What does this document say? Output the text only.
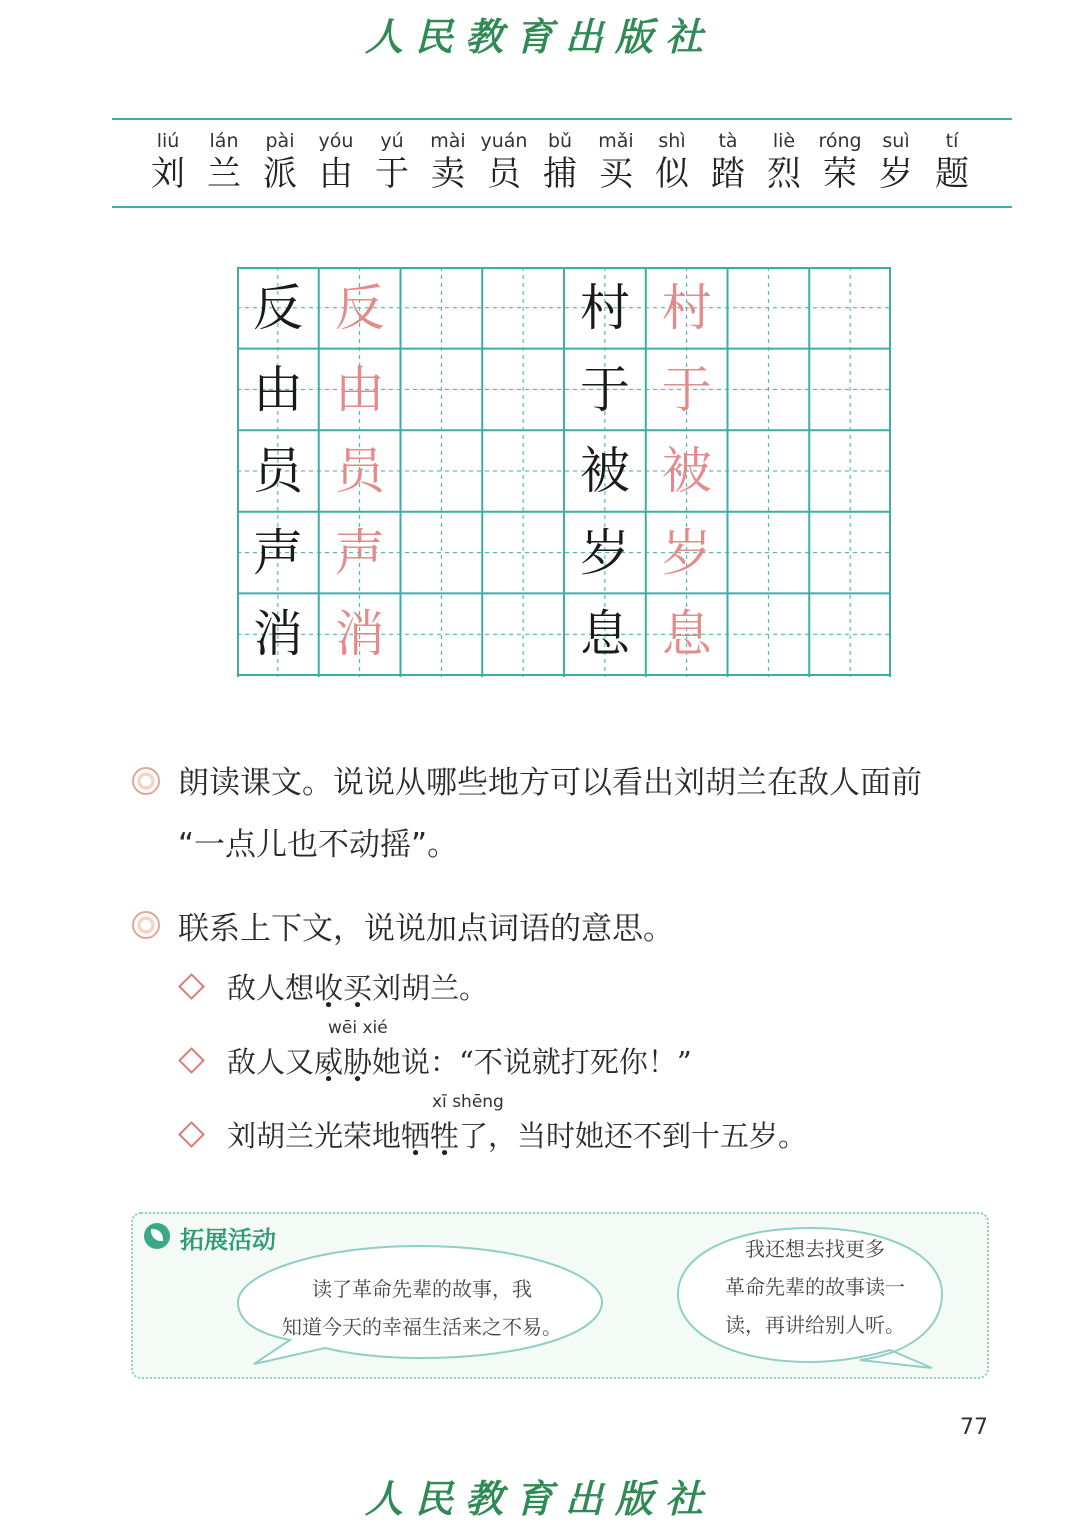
人民教育出版社
liú
刘
lán
兰
pài
派
yóu
由
yú
于
mài
卖
yuán
员
bǔ
捕
mǎi
买
shì
似
tà
踏
liè
烈
róng
荣
suì
岁
tí
题
反 反
由 由
员 员
声 声
消 消
村 村
于 于
被 被
岁 岁
息 息
朗读课文。说说从哪些地方可以看出刘胡兰在敌人面前
“一点儿也不动摇”。
联系上下文，说说加点词语的意思。
敌人想收买刘胡兰。
wēi xié
敌人又威胁她说：“不说就打死你！”
xī shēng
刘胡兰光荣地牺牲了，当时她还不到十五岁。
拓展活动
读了革命先辈的故事，我
知道今天的幸福生活来之不易。
我还想去找更多
革命先辈的故事读一
读，再讲给别人听。
77
人民教育出版社
